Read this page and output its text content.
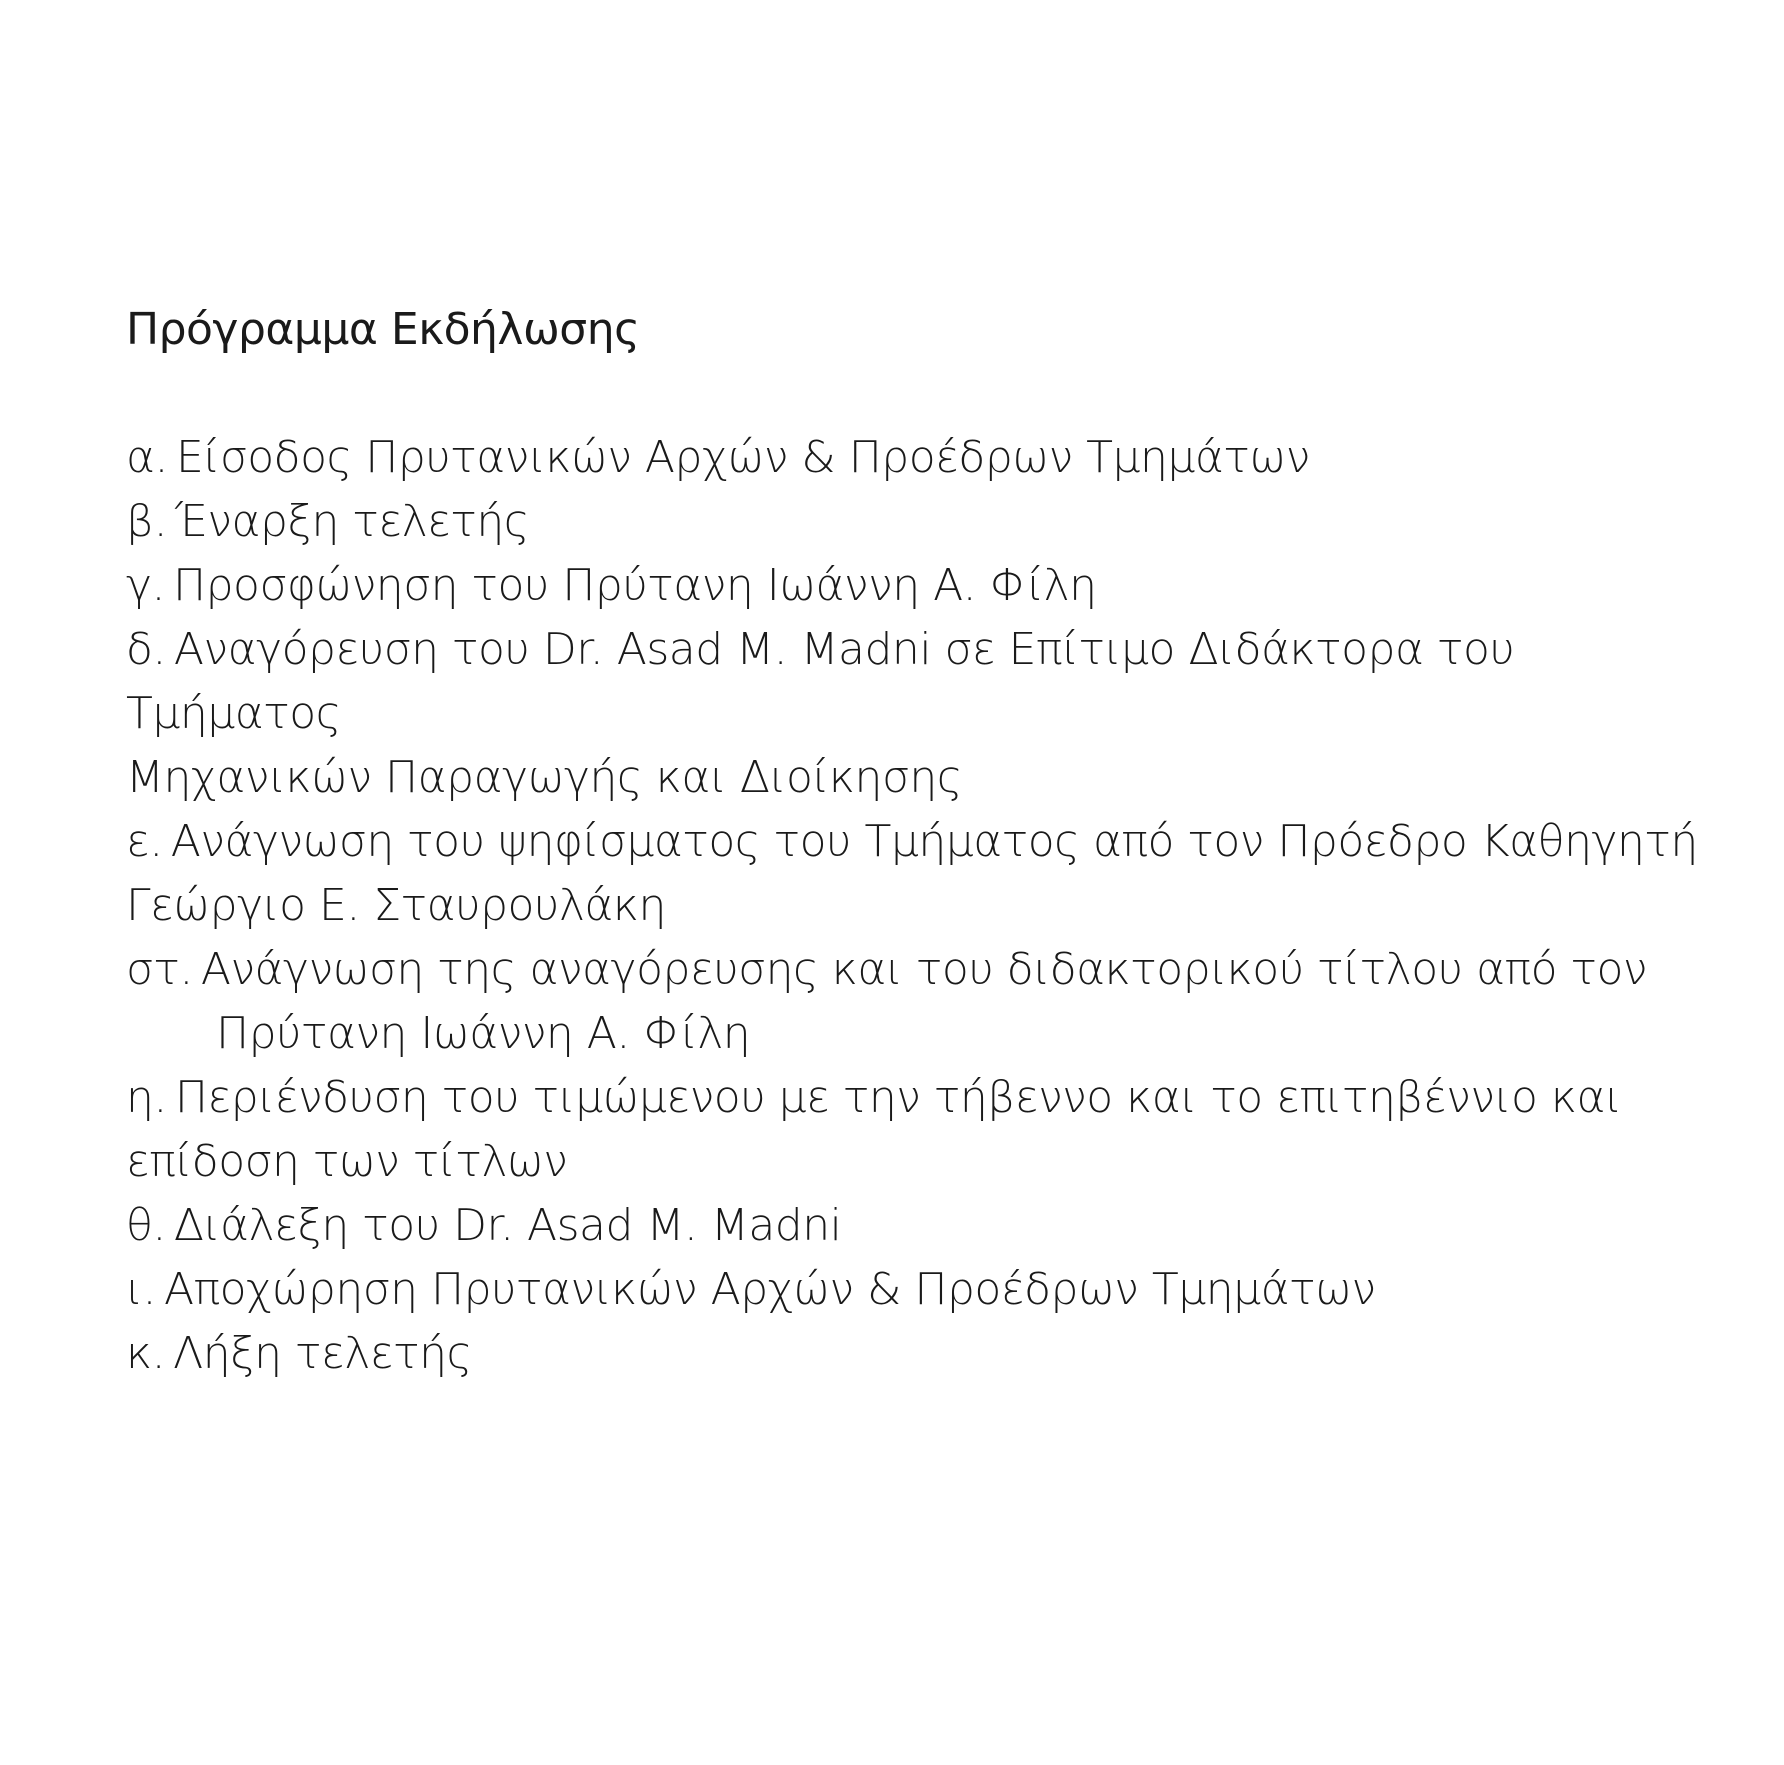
Πρόγραμμα Εκδήλωσης
α. Είσοδος Πρυτανικών Αρχών & Προέδρων Τμημάτων
β. Έναρξη τελετής
γ. Προσφώνηση του Πρύτανη Ιωάννη Α. Φίλη
δ. Αναγόρευση του Dr. Asad M. Madni σε Επίτιμο Διδάκτορα του Τμήματος
Μηχανικών Παραγωγής και Διοίκησης
ε. Ανάγνωση του ψηφίσματος του Τμήματος από τον Πρόεδρο Καθηγητή
Γεώργιο Ε. Σταυρουλάκη
στ. Ανάγνωση της αναγόρευσης και του διδακτορικού τίτλου από τον
Πρύτανη Ιωάννη Α. Φίλη
η. Περιένδυση του τιμώμενου με την τήβεννο και το επιτηβέννιο και
επίδοση των τίτλων
θ. Διάλεξη του Dr. Asad M. Madni
ι. Αποχώρηση Πρυτανικών Αρχών & Προέδρων Τμημάτων
κ. Λήξη τελετής
